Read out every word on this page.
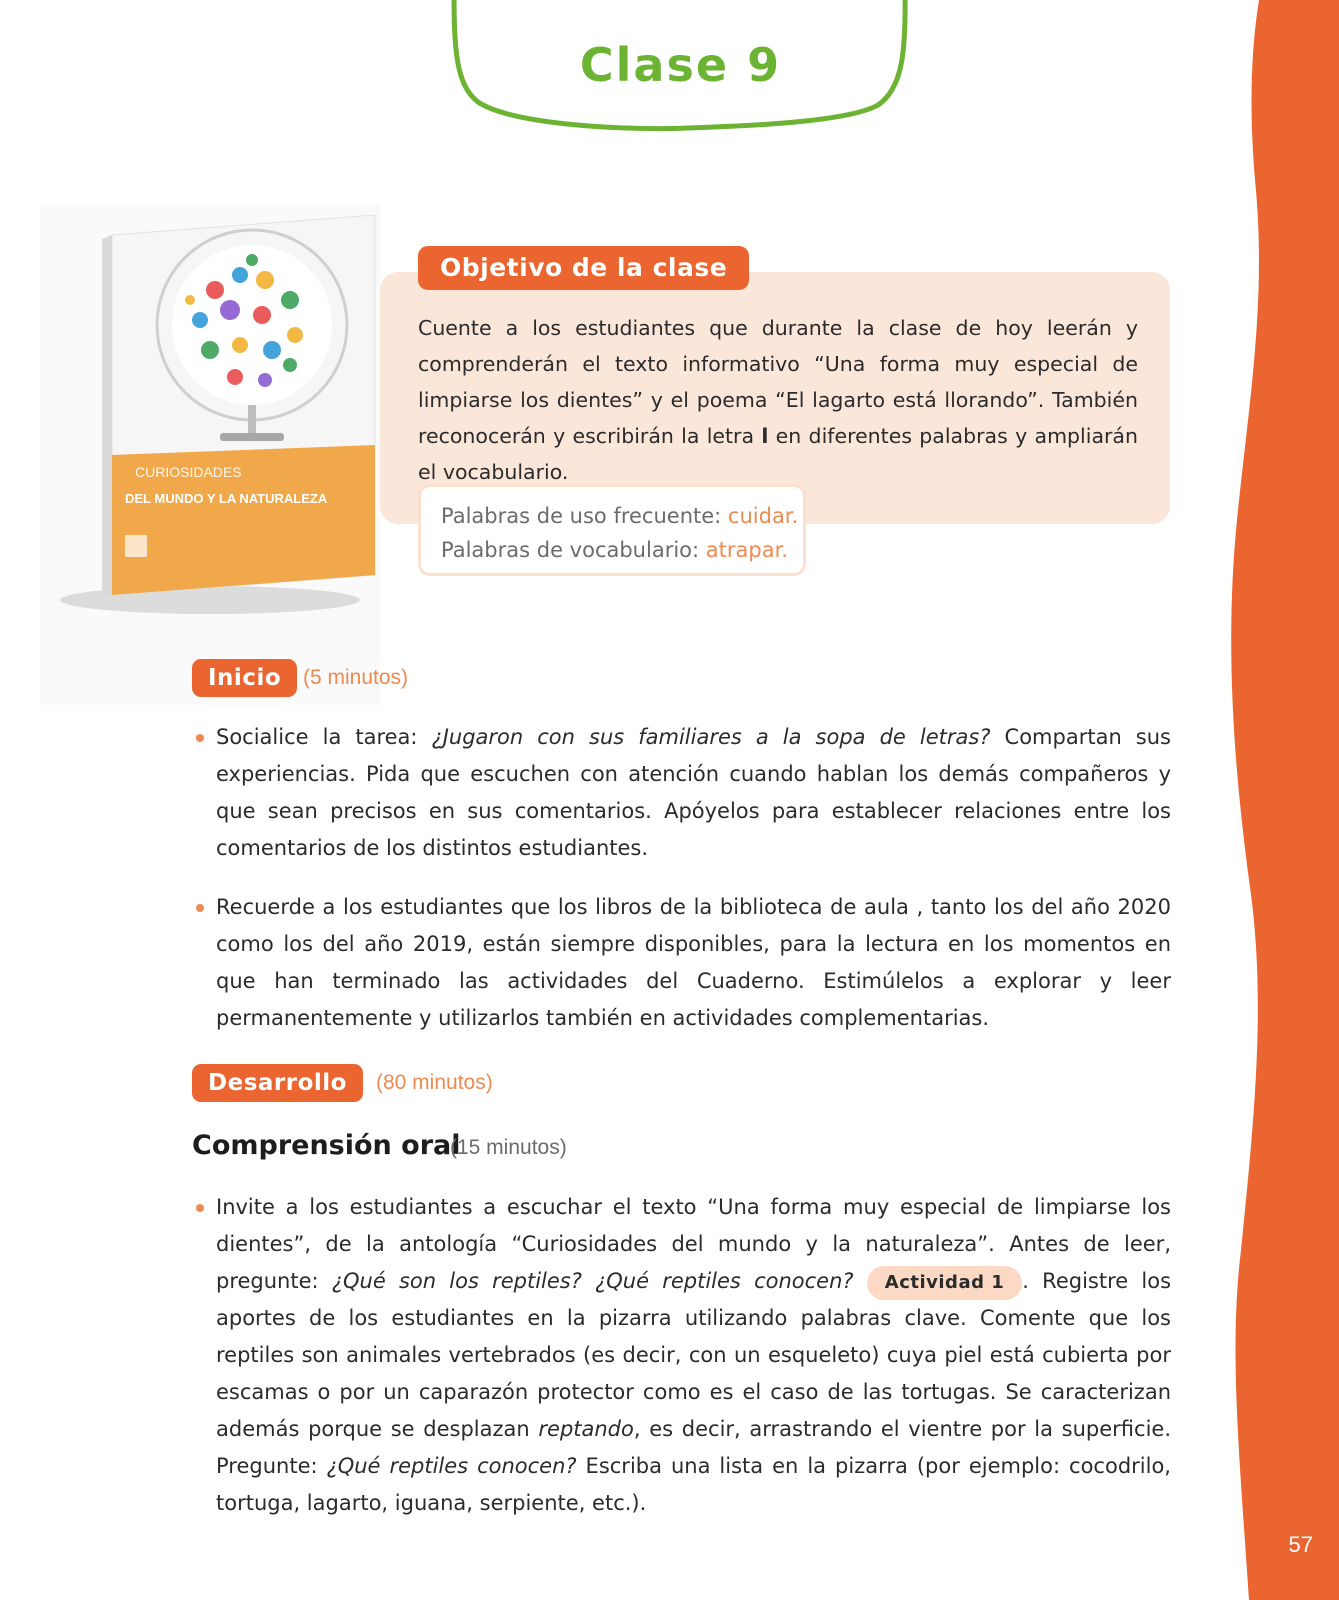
57
Clase 9
CURIOSIDADES
DEL MUNDO Y LA NATURALEZA
Objetivo de la clase

Cuente a los estudiantes que durante la clase de hoy leerán y comprenderán el texto informativo “Una forma muy especial de limpiarse los dientes” y el poema “El lagarto está llorando”. También reconocerán y escribirán la letra l en diferentes palabras y ampliarán el vocabulario.

Palabras de uso frecuente: cuidar.
Palabras de vocabulario: atrapar.
Inicio	(5 minutos)
Socialice la tarea: ¿Jugaron con sus familiares a la sopa de letras? Compartan sus experiencias. Pida que escuchen con atención cuando hablan los demás compañeros y que sean precisos en sus comentarios. Apóyelos para establecer relaciones entre los comentarios de los distintos estudiantes.
Recuerde a los estudiantes que los libros de la biblioteca de aula , tanto los del año 2020 como los del año 2019, están siempre disponibles, para la lectura en los momentos en que han terminado las actividades del Cuaderno. Estimúlelos a explorar y leer permanentemente y utilizarlos también en actividades complementarias.
Desarrollo	(80 minutos)
Comprensión oral
(15 minutos)
Invite a los estudiantes a escuchar el texto “Una forma muy especial de limpiarse los dientes”, de la antología “Curiosidades del mundo y la naturaleza”. Antes de leer, pregunte: ¿Qué son los reptiles? ¿Qué reptiles conocen? Actividad 1 . Registre los aportes de los estudiantes en la pizarra utilizando palabras clave. Comente que los reptiles son animales vertebrados (es decir, con un esqueleto) cuya piel está cubierta por escamas o por un caparazón protector como es el caso de las tortugas. Se caracterizan además porque se desplazan reptando, es decir, arrastrando el vientre por la superficie. Pregunte: ¿Qué reptiles conocen? Escriba una lista en la pizarra (por ejemplo: cocodrilo, tortuga, lagarto, iguana, serpiente, etc.).
